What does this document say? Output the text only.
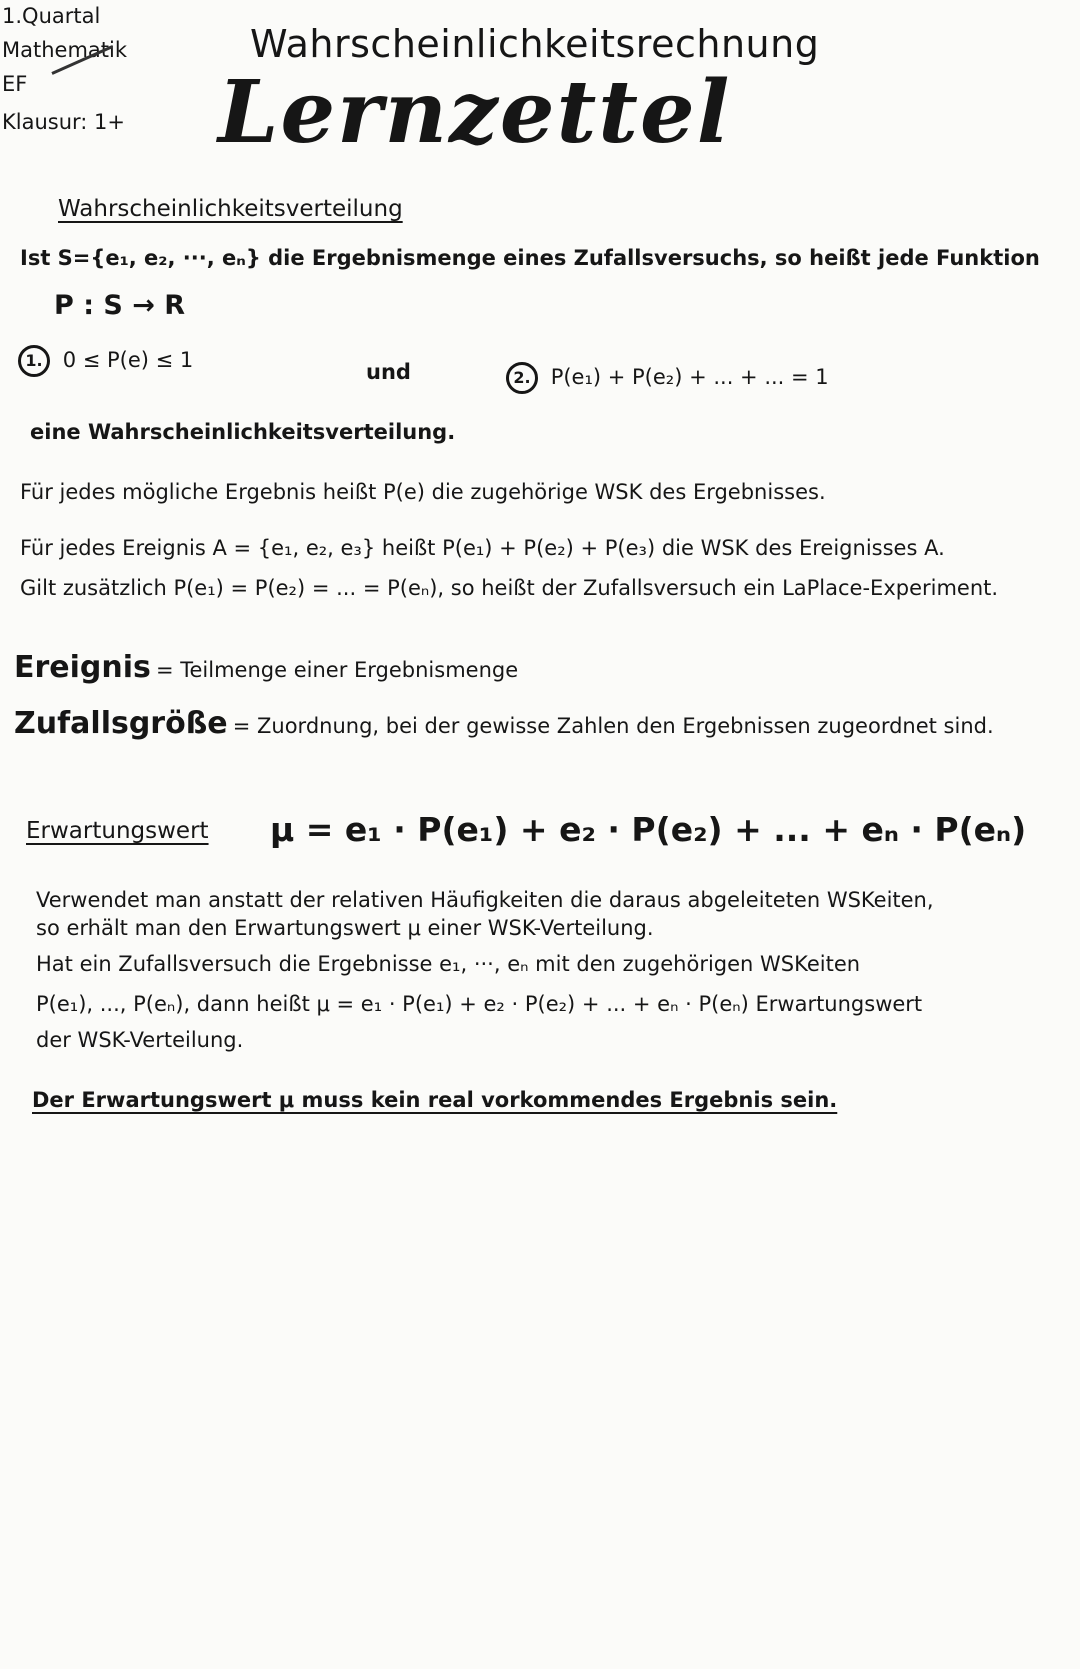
1.Quartal
Mathematik
EF
Klausur: 1+
Wahrscheinlichkeitsrechnung
Lernzettel
Wahrscheinlichkeitsverteilung
Ist S={e₁, e₂, ···, eₙ} die Ergebnismenge eines Zufallsversuchs, so heißt jede Funktion
P : S → R
1. 0 ≤ P(e) ≤ 1	und	2. P(e₁) + P(e₂) + ... + ... = 1
eine Wahrscheinlichkeitsverteilung.
Für jedes mögliche Ergebnis heißt P(e) die zugehörige WSK des Ergebnisses.
Für jedes Ereignis A = {e₁, e₂, e₃} heißt P(e₁) + P(e₂) + P(e₃) die WSK des Ereignisses A.
Gilt zusätzlich P(e₁) = P(e₂) = ... = P(eₙ), so heißt der Zufallsversuch ein LaPlace-Experiment.
Ereignis = Teilmenge einer Ergebnismenge
Zufallsgröße = Zuordnung, bei der gewisse Zahlen den Ergebnissen zugeordnet sind.
Erwartungswert μ = e₁ · P(e₁) + e₂ · P(e₂) + ... + eₙ · P(eₙ)
Verwendet man anstatt der relativen Häufigkeiten die daraus abgeleiteten WSKeiten,
so erhält man den Erwartungswert μ einer WSK-Verteilung.
Hat ein Zufallsversuch die Ergebnisse e₁, ···, eₙ mit den zugehörigen WSKeiten
P(e₁), ..., P(eₙ), dann heißt μ = e₁ · P(e₁) + e₂ · P(e₂) + ... + eₙ · P(eₙ) Erwartungswert
der WSK-Verteilung.
Der Erwartungswert μ muss kein real vorkommendes Ergebnis sein.
